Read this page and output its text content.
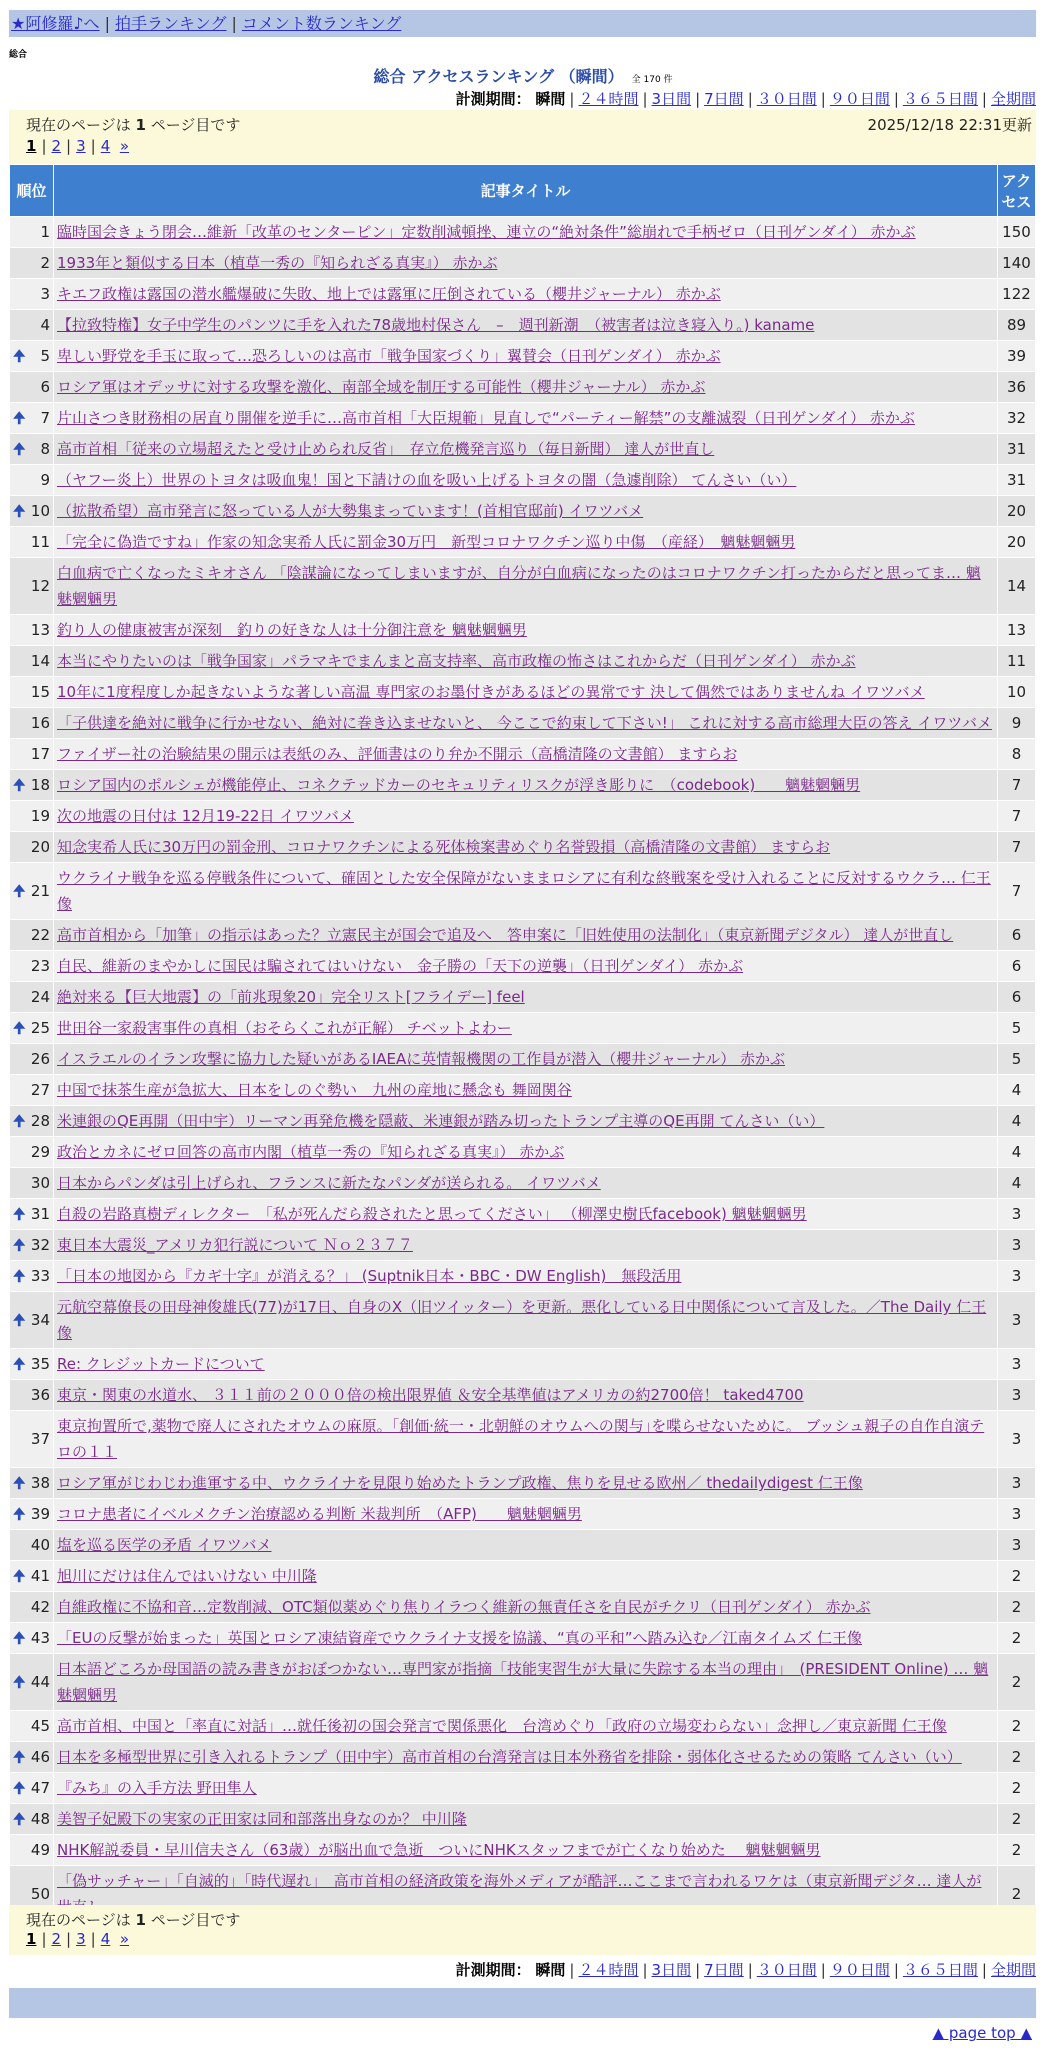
★阿修羅♪へ | 拍手ランキング | コメント数ランキング
総合
総合 アクセスランキング （瞬間） 全 170 件
計測期間： 瞬間 | ２４時間 | 3日間 | 7日間 | ３０日間 | ９０日間 | ３６５日間 | 全期間
現在のページは 1 ページ目です	2025/12/18 22:31更新
1 | 2 | 3 | 4 »
順位	記事タイトル	アクセス
1	臨時国会きょう閉会…維新「改革のセンターピン」定数削減頓挫、連立の“絶対条件”総崩れで手柄ゼロ（日刊ゲンダイ） 赤かぶ	150
2	1933年と類似する日本（植草一秀の『知られざる真実』） 赤かぶ	140
3	キエフ政権は露国の潜水艦爆破に失敗、地上では露軍に圧倒されている（櫻井ジャーナル） 赤かぶ	122
4	【拉致特権】女子中学生のパンツに手を入れた78歳地村保さん　–　週刊新潮　（被害者は泣き寝入り。) kaname	89

🠉 5	卑しい野党を手玉に取って…恐ろしいのは高市「戦争国家づくり」翼賛会（日刊ゲンダイ） 赤かぶ	39
6	ロシア軍はオデッサに対する攻撃を激化、南部全域を制圧する可能性（櫻井ジャーナル） 赤かぶ	36

🠉 7	片山さつき財務相の居直り開催を逆手に…高市首相「大臣規範」見直しで“パーティー解禁”の支離滅裂（日刊ゲンダイ） 赤かぶ	32

🠉 8	高市首相「従来の立場超えたと受け止められ反省」　存立危機発言巡り（毎日新聞） 達人が世直し	31
9	（ヤフー炎上）世界のトヨタは吸血鬼！国と下請けの血を吸い上げるトヨタの闇（急遽削除） てんさい（い）	31

🠉 10	（拡散希望）高市発言に怒っている人が大勢集まっています！(首相官邸前) イワツバメ	20
11	「完全に偽造ですね」作家の知念実希人氏に罰金30万円　新型コロナワクチン巡り中傷　（産経）　魑魅魍魎男	20
12	白血病で亡くなったミキオさん 「陰謀論になってしまいますが、自分が白血病になったのはコロナワクチン打ったからだと思ってま… 魑魅魍魎男	14
13	釣り人の健康被害が深刻　釣りの好きな人は十分御注意を 魑魅魍魎男	13
14	本当にやりたいのは「戦争国家」パラマキでまんまと高支持率、高市政権の怖さはこれからだ（日刊ゲンダイ） 赤かぶ	11
15	10年に1度程度しか起きないような著しい高温 専門家のお墨付きがあるほどの異常です 決して偶然ではありませんね イワツバメ	10
16	「子供達を絶対に戦争に行かせない、絶対に巻き込ませないと、 今ここで約束して下さい!」 これに対する高市総理大臣の答え イワツバメ	9
17	ファイザー社の治験結果の開示は表紙のみ、評価書はのり弁か不開示（高橋清隆の文書館） ますらお	8

🠉 18	ロシア国内のポルシェが機能停止、コネクテッドカーのセキュリティリスクが浮き彫りに　（codebook)　　魑魅魍魎男	7
19	次の地震の日付は 12月19-22日 イワツバメ	7
20	知念実希人氏に30万円の罰金刑、コロナワクチンによる死体検案書めぐり名誉毀損（高橋清隆の文書館） ますらお	7

🠉 21	ウクライナ戦争を巡る停戦条件について、確固とした安全保障がないままロシアに有利な終戦案を受け入れることに反対するウクラ… 仁王像	7
22	高市首相から「加筆」の指示はあった？立憲民主が国会で追及へ　答申案に「旧姓使用の法制化」（東京新聞デジタル） 達人が世直し	6
23	自民、維新のまやかしに国民は騙されてはいけない　金子勝の「天下の逆襲」（日刊ゲンダイ） 赤かぶ	6
24	絶対来る【巨大地震】の「前兆現象20」完全リスト[フライデー] feel	6

🠉 25	世田谷一家殺害事件の真相（おそらくこれが正解） チベットよわー	5
26	イスラエルのイラン攻撃に協力した疑いがあるIAEAに英情報機関の工作員が潜入（櫻井ジャーナル） 赤かぶ	5
27	中国で抹茶生産が急拡大、日本をしのぐ勢い　九州の産地に懸念も 舞岡関谷	4

🠉 28	米連銀のQE再開（田中宇）リーマン再発危機を隠蔽、米連銀が踏み切ったトランプ主導のQE再開 てんさい（い）	4
29	政治とカネにゼロ回答の高市内閣（植草一秀の『知られざる真実』） 赤かぶ	4
30	日本からパンダは引上げられ、フランスに新たなパンダが送られる。 イワツバメ	4

🠉 31	自殺の岩路真樹ディレクター　「私が死んだら殺されたと思ってください」 （柳澤史樹氏facebook) 魑魅魍魎男	3

🠉 32	東日本大震災_アメリカ犯行説について Ｎｏ２３７７	3

🠉 33	「日本の地図から『カギ十字』が消える？」 (Suptnik日本・BBC・DW English)　無段活用	3

🠉 34	元航空幕僚長の田母神俊雄氏(77)が17日、自身のX（旧ツイッター）を更新。悪化している日中関係について言及した。／The Daily 仁王像	3

🠉 35	Re: クレジットカードについて	3
36	東京・関東の水道水、 ３１１前の２０００倍の検出限界値 ＆安全基準値はアメリカの約2700倍！ taked4700	3
37	東京拘置所で,薬物で廃人にされたオウムの麻原。「創価·統一・北朝鮮のオウムへの関与｣を喋らせないために。 ブッシュ親子の自作自演テロの１１	3

🠉 38	ロシア軍がじわじわ進軍する中、ウクライナを見限り始めたトランプ政権、焦りを見せる欧州／ thedailydigest 仁王像	3

🠉 39	コロナ患者にイベルメクチン治療認める判断 米裁判所　（AFP)　　魑魅魍魎男	3
40	塩を巡る医学の矛盾 イワツバメ	3

🠉 41	旭川にだけは住んではいけない 中川隆	2
42	自維政権に不協和音…定数削減、OTC類似薬めぐり焦りイラつく維新の無責任さを自民がチクリ（日刊ゲンダイ） 赤かぶ	2

🠉 43	「EUの反撃が始まった」英国とロシア凍結資産でウクライナ支援を協議、“真の平和”へ踏み込む／江南タイムズ 仁王像	2

🠉 44	日本語どころか母国語の読み書きがおぼつかない…専門家が指摘「技能実習生が大量に失踪する本当の理由」　(PRESIDENT Online) … 魑魅魍魎男	2
45	高市首相、中国と「率直に対話」…就任後初の国会発言で関係悪化　台湾めぐり「政府の立場変わらない」念押し／東京新聞 仁王像	2

🠉 46	日本を多極型世界に引き入れるトランプ（田中宇）高市首相の台湾発言は日本外務省を排除・弱体化させるための策略 てんさい（い）	2

🠉 47	『みち』の入手方法 野田隼人	2

🠉 48	美智子妃殿下の実家の正田家は同和部落出身なのか？ 中川隆	2
49	NHK解説委員・早川信夫さん（63歳）が脳出血で急逝　ついにNHKスタッフまでが亡くなり始めた　 魑魅魍魎男	2
50	「偽サッチャー」「自滅的」「時代遅れ」　高市首相の経済政策を海外メディアが酷評…ここまで言われるワケは（東京新聞デジタ… 達人が	2
現在のページは 1 ページ目です
1 | 2 | 3 | 4 »
計測期間： 瞬間 | ２４時間 | 3日間 | 7日間 | ３０日間 | ９０日間 | ３６５日間 | 全期間
▲ page top ▲
